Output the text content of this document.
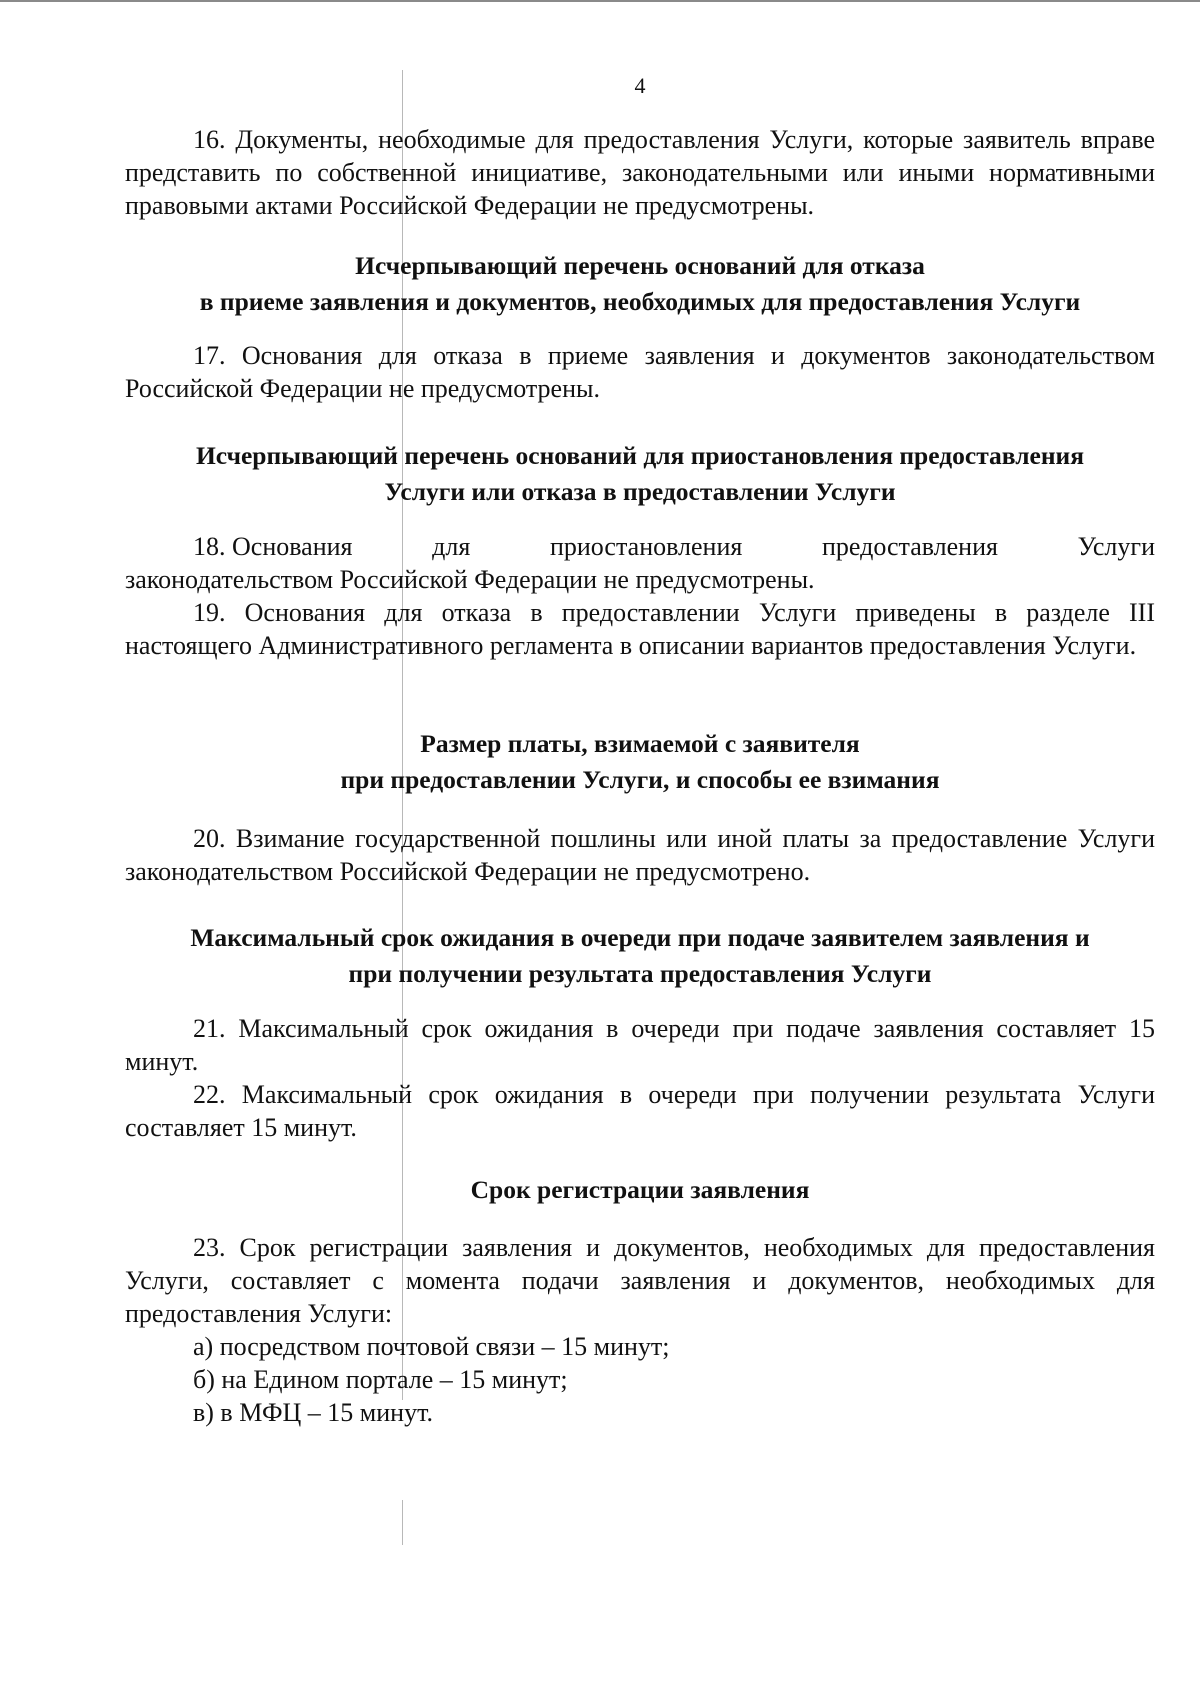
4

16. Документы, необходимые для предоставления Услуги, которые заявитель вправе представить по собственной инициативе, законодательными или иными нормативными правовыми актами Российской Федерации не предусмотрены.

Исчерпывающий перечень оснований для отказа
в приеме заявления и документов, необходимых для предоставления Услуги

17. Основания для отказа в приеме заявления и документов законодательством Российской Федерации не предусмотрены.

Исчерпывающий перечень оснований для приостановления предоставления
Услуги или отказа в предоставлении Услуги
18. Основания	для	приостановления	предоставления	Услуги
законодательством Российской Федерации не предусмотрены.

19. Основания для отказа в предоставлении Услуги приведены в разделе III настоящего Административного регламента в описании вариантов предоставления Услуги.

Размер платы, взимаемой с заявителя
при предоставлении Услуги, и способы ее взимания

20. Взимание государственной пошлины или иной платы за предоставление Услуги законодательством Российской Федерации не предусмотрено.

Максимальный срок ожидания в очереди при подаче заявителем заявления и
при получении результата предоставления Услуги

21. Максимальный срок ожидания в очереди при подаче заявления составляет 15 минут.

22. Максимальный срок ожидания в очереди при получении результата Услуги составляет 15 минут.

Срок регистрации заявления

23. Срок регистрации заявления и документов, необходимых для предоставления Услуги, составляет с момента подачи заявления и документов, необходимых для предоставления Услуги:

а) посредством почтовой связи – 15 минут;

б) на Едином портале – 15 минут;

в) в МФЦ – 15 минут.
